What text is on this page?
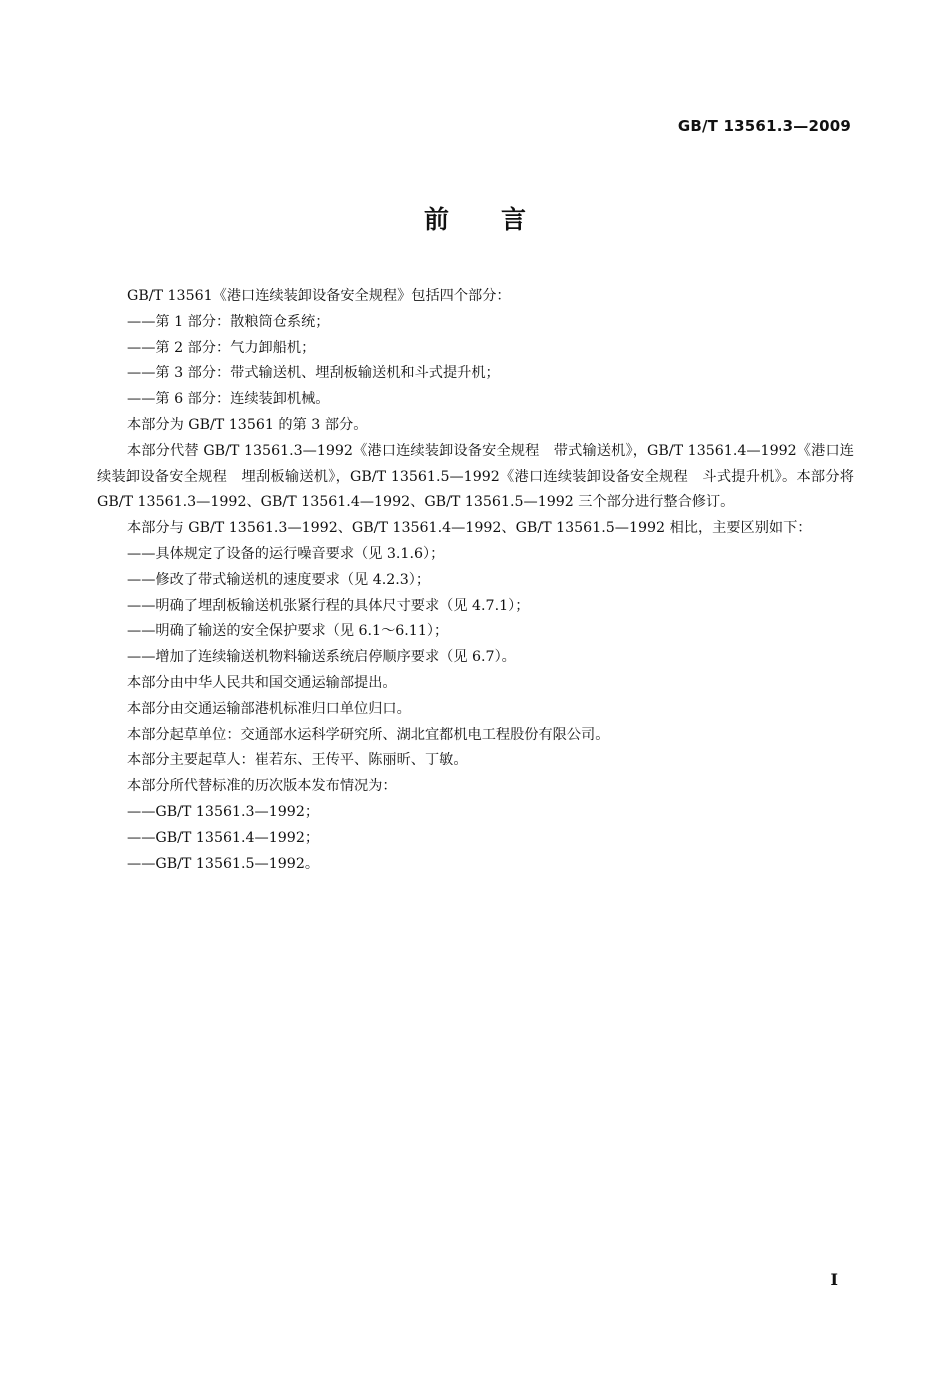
GB/T 13561.3—2009
前言

GB/T 13561《港口连续装卸设备安全规程》包括四个部分：

——第 1 部分：散粮筒仓系统；

——第 2 部分：气力卸船机；

——第 3 部分：带式输送机、埋刮板输送机和斗式提升机；

——第 6 部分：连续装卸机械。

本部分为 GB/T 13561 的第 3 部分。

本部分代替 GB/T 13561.3—1992《港口连续装卸设备安全规程　带式输送机》，GB/T 13561.4—1992《港口连续装卸设备安全规程　埋刮板输送机》，GB/T 13561.5—1992《港口连续装卸设备安全规程　斗式提升机》。本部分将 GB/T 13561.3—1992、GB/T 13561.4—1992、GB/T 13561.5—1992 三个部分进行整合修订。

本部分与 GB/T 13561.3—1992、GB/T 13561.4—1992、GB/T 13561.5—1992 相比，主要区别如下：

——具体规定了设备的运行噪音要求（见 3.1.6）；

——修改了带式输送机的速度要求（见 4.2.3）；

——明确了埋刮板输送机张紧行程的具体尺寸要求（见 4.7.1）；

——明确了输送的安全保护要求（见 6.1～6.11）；

——增加了连续输送机物料输送系统启停顺序要求（见 6.7）。

本部分由中华人民共和国交通运输部提出。

本部分由交通运输部港机标准归口单位归口。

本部分起草单位：交通部水运科学研究所、湖北宜都机电工程股份有限公司。

本部分主要起草人：崔若东、王传平、陈丽昕、丁敏。

本部分所代替标准的历次版本发布情况为：

——GB/T 13561.3—1992；

——GB/T 13561.4—1992；

——GB/T 13561.5—1992。

I
